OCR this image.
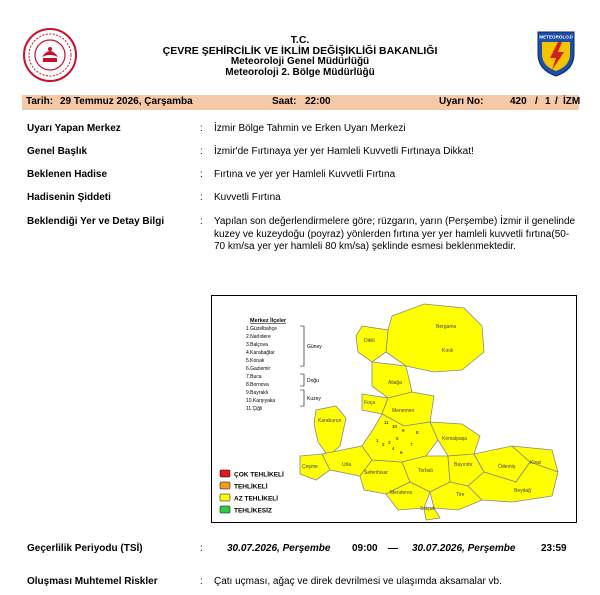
T.C.
ÇEVRE ŞEHİRCİLİK VE İKLİM DEĞİŞİKLİĞİ BAKANLIĞI
Meteoroloji Genel Müdürlüğü
Meteoroloji 2. Bölge Müdürlüğü
METEOROLOJİ
Tarih: 29 Temmuz 2026, Çarşamba	Saat: 22:00	Uyarı No:	420 / 1 / İZM
Uyarı Yapan Merkez	: İzmir Bölge Tahmin ve Erken Uyarı Merkezi
Genel Başlık	: İzmir'de Fırtınaya yer yer Hamleli Kuvvetli Fırtınaya Dikkat!
Beklenen Hadise	: Fırtına ve yer yer Hamleli Kuvvetli Fırtına
Hadisenin Şiddeti	: Kuvvetli Fırtına
Beklendiği Yer ve Detay Bilgi	: Yapılan son değerlendirmelere göre; rüzgarın, yarın (Perşembe) İzmir il genelinde kuzey ve kuzeydoğu (poyraz) yönlerden fırtına yer yer hamleli kuvvetli fırtına(50-70 km/sa yer yer hamleli 80 km/sa) şeklinde esmesi beklenmektedir.
Merkez İlçeler
1.Güzelbahçe
2.Narlıdere
3.Balçova
4.Karabağlar
5.Konak
6.Gaziemir
7.Buca
8.Bornova
9.Bayraklı
10.Karşıyaka
11.Çiğli
Güney
Doğu
Kuzey
Bergama
Dikili
Kınık
Aliağa
Foça
Menemen
Karaburun
Çeşme	Urla
Seferihisar
Kemalpaşa
Torbalı
Bayındır	Ödemiş
Kiraz
Menderes	Tire
Beydağ
Selçuk
1
2 3
4
5
6
7
8
9
10
11
ÇOK TEHLİKELİ
TEHLİKELİ
AZ TEHLİKELİ
TEHLİKESİZ
Geçerlilik Periyodu (TSİ)	: 30.07.2026, Perşembe 09:00 — 30.07.2026, Perşembe	23:59
Oluşması Muhtemel Riskler	: Çatı uçması, ağaç ve direk devrilmesi ve ulaşımda aksamalar vb.
